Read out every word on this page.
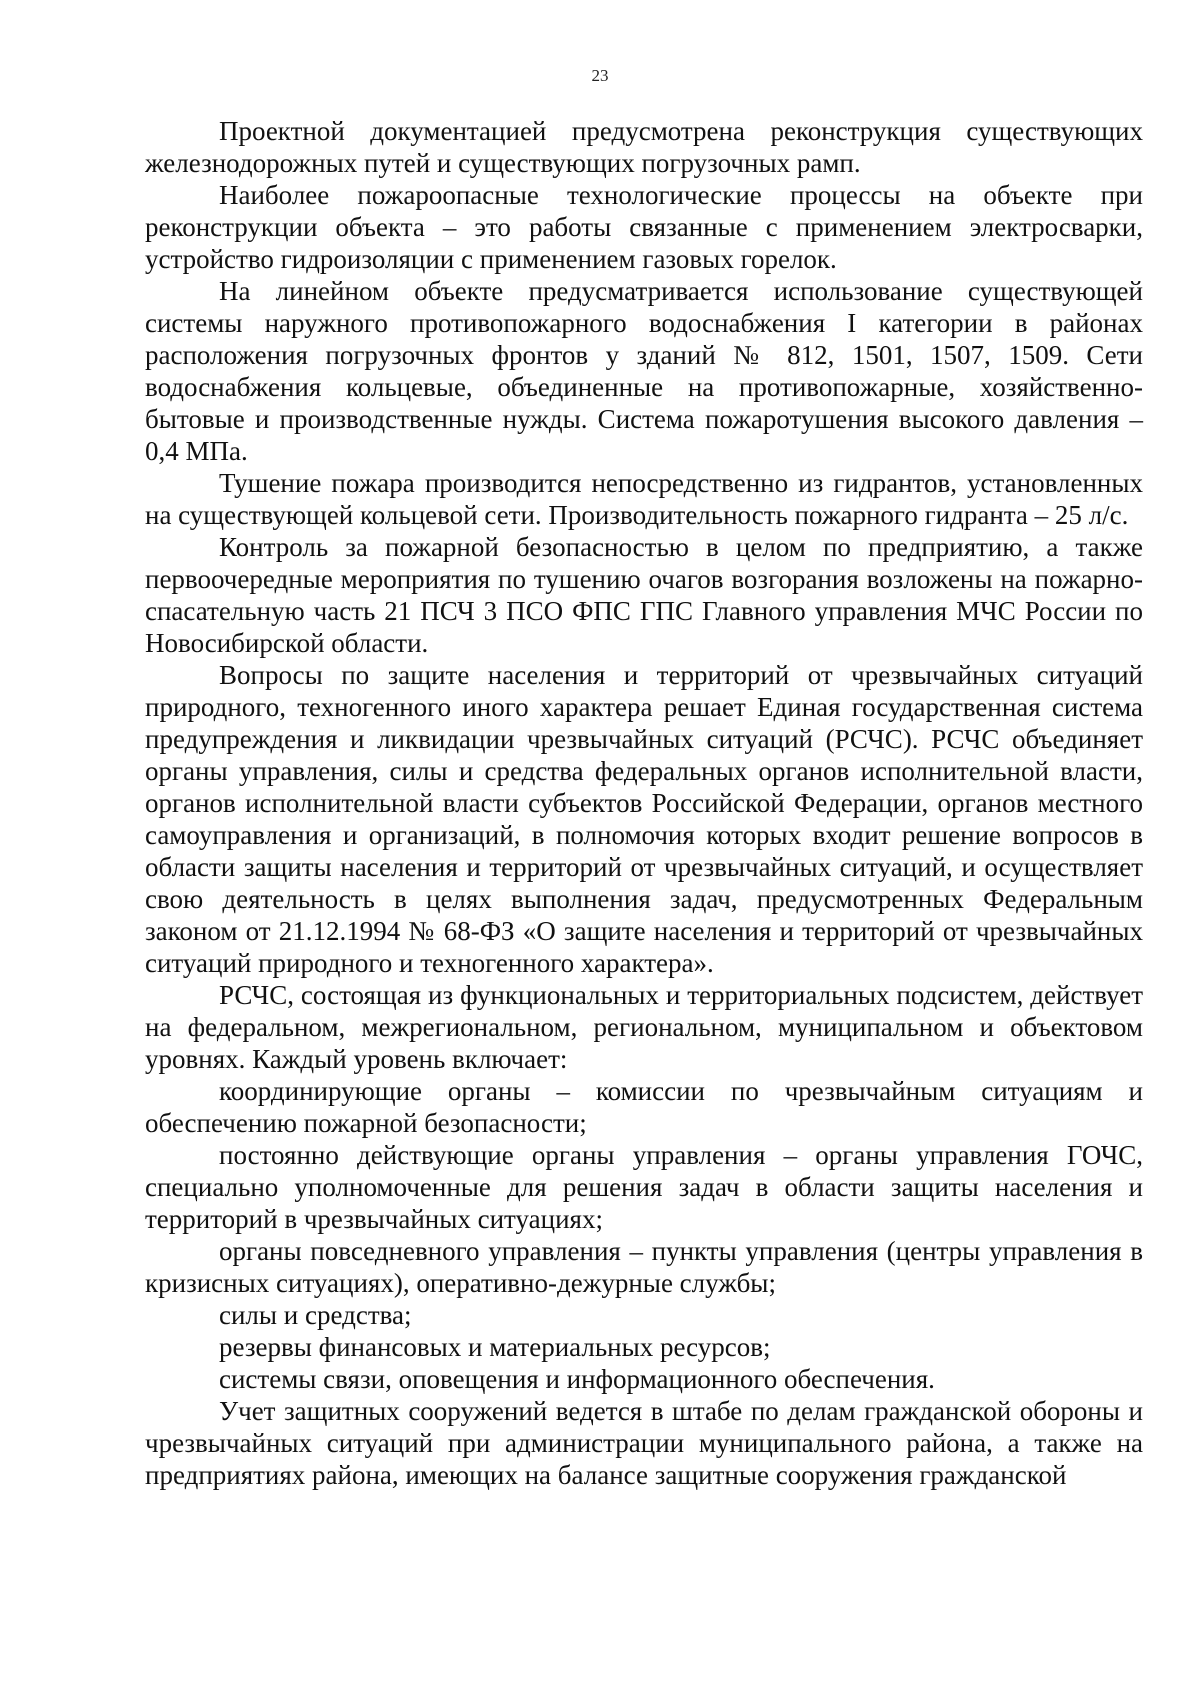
23

Проектной документацией предусмотрена реконструкция существующих железнодорожных путей и существующих погрузочных рамп.

Наиболее пожароопасные технологические процессы на объекте при реконструкции объекта – это работы связанные с применением электросварки, устройство гидроизоляции с применением газовых горелок.

На линейном объекте предусматривается использование существующей системы наружного противопожарного водоснабжения I категории в районах расположения погрузочных фронтов у зданий № 812, 1501, 1507, 1509. Сети водоснабжения кольцевые, объединенные на противопожарные, хозяйственно-бытовые и производственные нужды. Система пожаротушения высокого давления – 0,4 МПа.

Тушение пожара производится непосредственно из гидрантов, установленных на существующей кольцевой сети. Производительность пожарного гидранта – 25 л/с.

Контроль за пожарной безопасностью в целом по предприятию, а также первоочередные мероприятия по тушению очагов возгорания возложены на пожарно-спасательную часть 21 ПСЧ 3 ПСО ФПС ГПС Главного управления МЧС России по Новосибирской области.

Вопросы по защите населения и территорий от чрезвычайных ситуаций природного, техногенного иного характера решает Единая государственная система предупреждения и ликвидации чрезвычайных ситуаций (РСЧС). РСЧС объединяет органы управления, силы и средства федеральных органов исполнительной власти, органов исполнительной власти субъектов Российской Федерации, органов местного самоуправления и организаций, в полномочия которых входит решение вопросов в области защиты населения и территорий от чрезвычайных ситуаций, и осуществляет свою деятельность в целях выполнения задач, предусмотренных Федеральным законом от 21.12.1994 № 68-ФЗ «О защите населения и территорий от чрезвычайных ситуаций природного и техногенного характера».

РСЧС, состоящая из функциональных и территориальных подсистем, действует на федеральном, межрегиональном, региональном, муниципальном и объектовом уровнях. Каждый уровень включает:

координирующие органы – комиссии по чрезвычайным ситуациям и обеспечению пожарной безопасности;

постоянно действующие органы управления – органы управления ГОЧС, специально уполномоченные для решения задач в области защиты населения и территорий в чрезвычайных ситуациях;

органы повседневного управления – пункты управления (центры управления в кризисных ситуациях), оперативно-дежурные службы;

силы и средства;

резервы финансовых и материальных ресурсов;

системы связи, оповещения и информационного обеспечения.

Учет защитных сооружений ведется в штабе по делам гражданской обороны и чрезвычайных ситуаций при администрации муниципального района, а также на предприятиях района, имеющих на балансе защитные сооружения гражданской
